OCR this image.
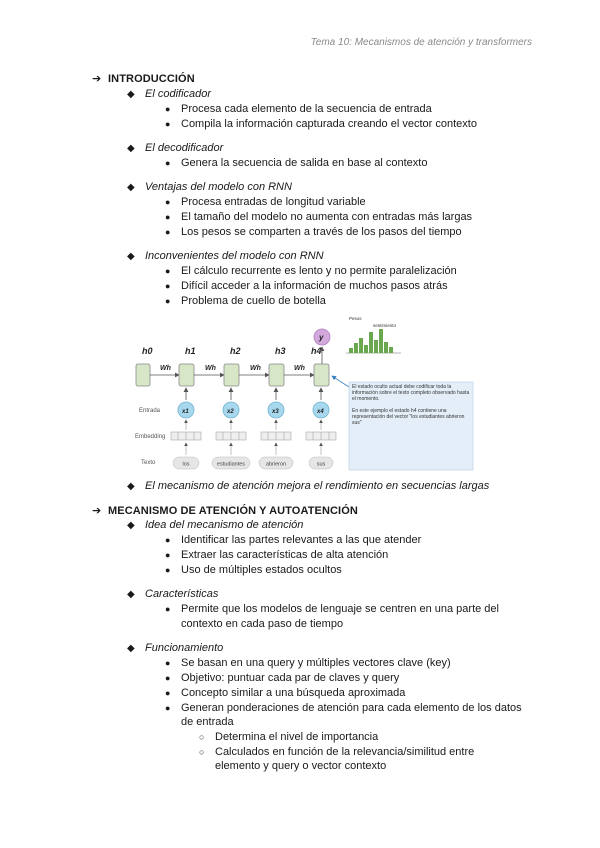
Tema 10: Mecanismos de atención y transformers
➔ INTRODUCCIÓN
◆ El codificador
● Procesa cada elemento de la secuencia de entrada
● Compila la información capturada creando el vector contexto
◆ El decodificador
● Genera la secuencia de salida en base al contexto
◆ Ventajas del modelo con RNN
● Procesa entradas de longitud variable
● El tamaño del modelo no aumenta con entradas más largas
● Los pesos se comparten a través de los pasos del tiempo
◆ Inconvenientes del modelo con RNN
● El cálculo recurrente es lento y no permite paralelización
● Difícil acceder a la información de muchos pasos atrás
● Problema de cuello de botella
h0	h1	h2	h3	h4
y
Wh	Wh	Wh	Wh
Entrada
Embedding
Texto
x1	x2	x3	x4
los	estudiantes	abrieron	sus
Pesos
sentimiento
El estado oculto actual debe codificar toda la información sobre el texto completo observado hasta el momento.
En este ejemplo el estado h4 contiene una representación del vector "los estudiantes abrieron sus"
◆ El mecanismo de atención mejora el rendimiento en secuencias largas
➔ MECANISMO DE ATENCIÓN Y AUTOATENCIÓN
◆ Idea del mecanismo de atención
● Identificar las partes relevantes a las que atender
● Extraer las características de alta atención
● Uso de múltiples estados ocultos
◆ Características
● Permite que los modelos de lenguaje se centren en una parte del
contexto en cada paso de tiempo
◆ Funcionamiento
● Se basan en una query y múltiples vectores clave (key)
● Objetivo: puntuar cada par de claves y query
● Concepto similar a una búsqueda aproximada
● Generan ponderaciones de atención para cada elemento de los datos
de entrada
○ Determina el nivel de importancia
○ Calculados en función de la relevancia/similitud entre
elemento y query o vector contexto
